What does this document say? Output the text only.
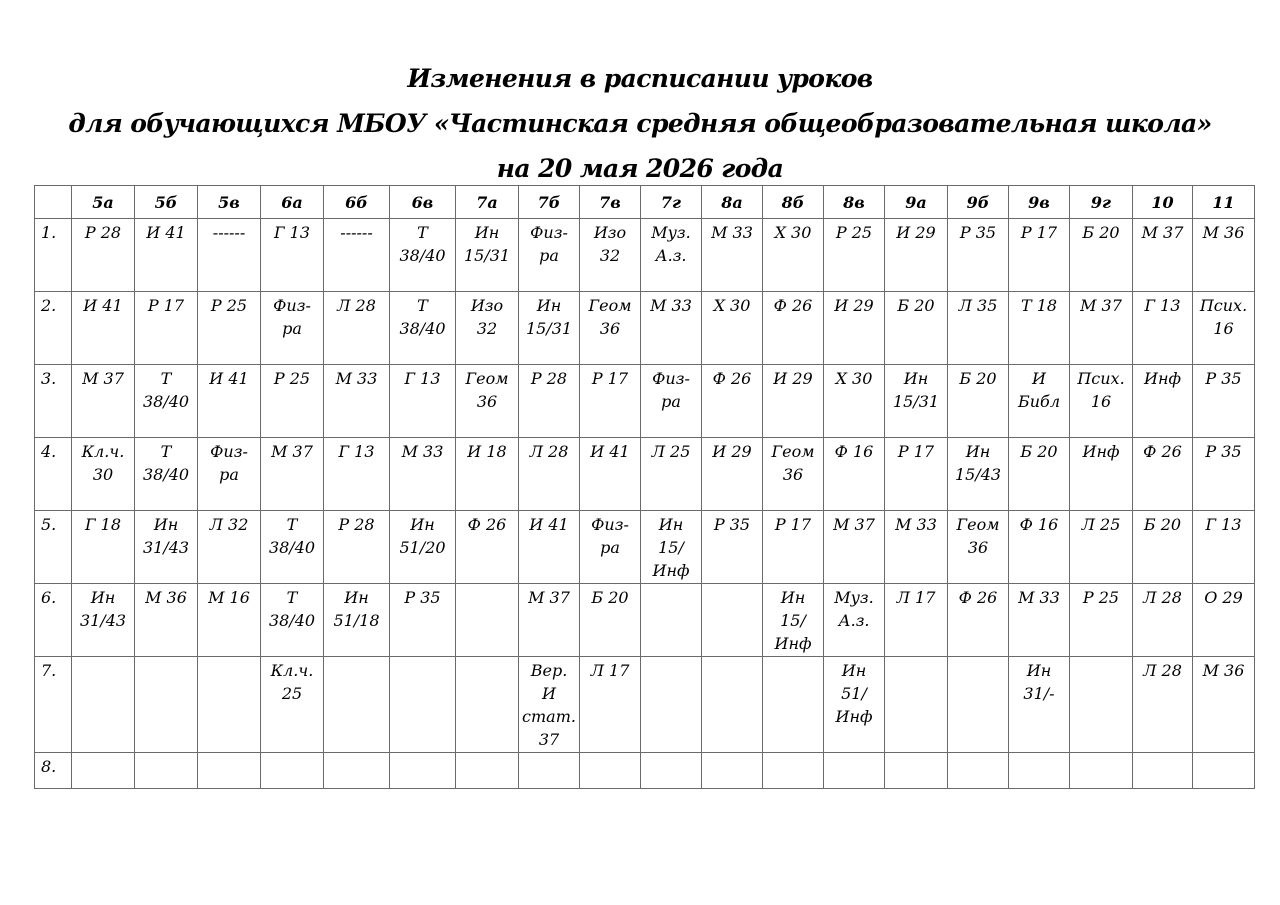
Изменения в расписании уроков
для обучающихся МБОУ «Частинская средняя общеобразовательная школа»
на 20 мая 2026 года
	5а	5б	5в	6а	6б	6в	7а	7б	7в	7г	8а	8б	8в	9а	9б	9в	9г	10	11
1.	Р 28	И 41	------	Г 13	------	Т
38/40	Ин
15/31	Физ-
ра	Изо
32	Муз.
А.з.	М 33	Х 30	Р 25	И 29	Р 35	Р 17	Б 20	М 37	М 36
2.	И 41	Р 17	Р 25	Физ-
ра	Л 28	Т
38/40	Изо
32	Ин
15/31	Геом
36	М 33	Х 30	Ф 26	И 29	Б 20	Л 35	Т 18	М 37	Г 13	Псих.
16
3.	М 37	Т
38/40	И 41	Р 25	М 33	Г 13	Геом
36	Р 28	Р 17	Физ-
ра	Ф 26	И 29	Х 30	Ин
15/31	Б 20	И
Библ	Псих.
16	Инф	Р 35
4.	Кл.ч.
30	Т
38/40	Физ-
ра	М 37	Г 13	М 33	И 18	Л 28	И 41	Л 25	И 29	Геом
36	Ф 16	Р 17	Ин
15/43	Б 20	Инф	Ф 26	Р 35
5.	Г 18	Ин
31/43	Л 32	Т
38/40	Р 28	Ин
51/20	Ф 26	И 41	Физ-
ра	Ин
15/
Инф	Р 35	Р 17	М 37	М 33	Геом
36	Ф 16	Л 25	Б 20	Г 13
6.	Ин
31/43	М 36	М 16	Т
38/40	Ин
51/18	Р 35		М 37	Б 20			Ин
15/
Инф	Муз.
А.з.	Л 17	Ф 26	М 33	Р 25	Л 28	О 29
7.				Кл.ч.
25				Вер.
И
стат.
37	Л 17				Ин
51/
Инф			Ин
31/-		Л 28	М 36
8.																			
